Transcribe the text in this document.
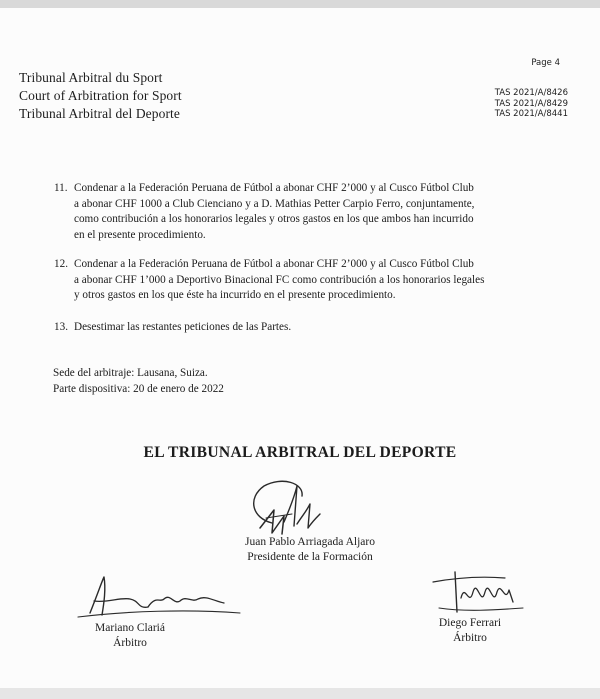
Tribunal Arbitral du Sport
Court of Arbitration for Sport
Tribunal Arbitral del Deporte
Page 4
TAS 2021/A/8426
TAS 2021/A/8429
TAS 2021/A/8441
11. Condenar a la Federación Peruana de Fútbol a abonar CHF 2’000 y al Cusco Fútbol Club
a abonar CHF 1000 a Club Cienciano y a D. Mathias Petter Carpio Ferro, conjuntamente,
como contribución a los honorarios legales y otros gastos en los que ambos han incurrido
en el presente procedimiento.
12. Condenar a la Federación Peruana de Fútbol a abonar CHF 2’000 y al Cusco Fútbol Club
a abonar CHF 1’000 a Deportivo Binacional FC como contribución a los honorarios legales
y otros gastos en los que éste ha incurrido en el presente procedimiento.
13. Desestimar las restantes peticiones de las Partes.
Sede del arbitraje: Lausana, Suiza.
Parte dispositiva: 20 de enero de 2022
EL TRIBUNAL ARBITRAL DEL DEPORTE
Juan Pablo Arriagada Aljaro
Presidente de la Formación
Mariano Clariá
Árbitro
Diego Ferrari
Árbitro
